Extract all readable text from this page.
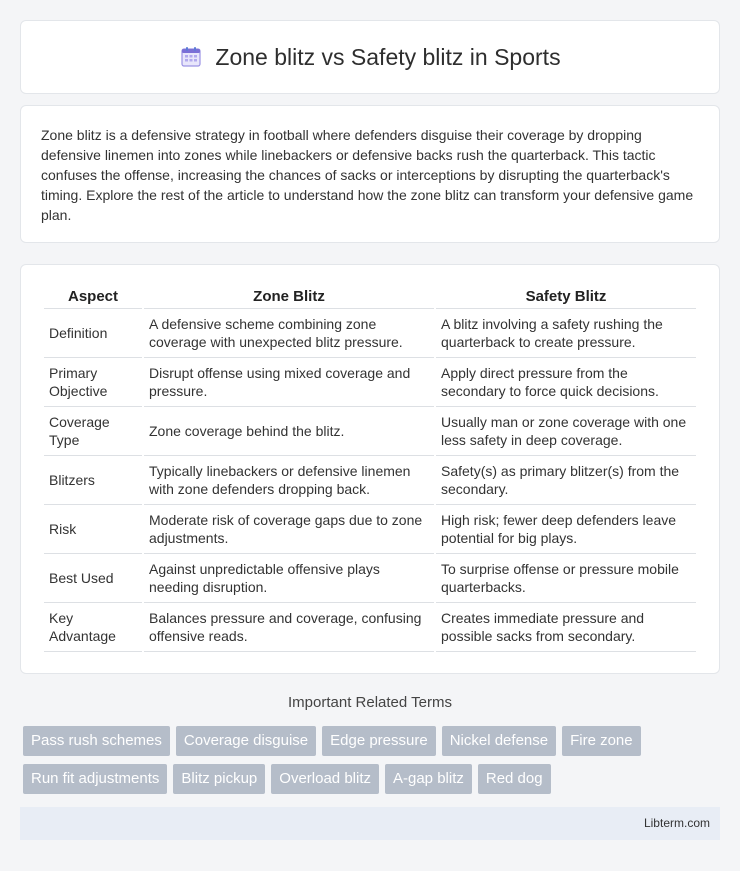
Zone blitz vs Safety blitz in Sports

Zone blitz is a defensive strategy in football where defenders disguise their coverage by dropping defensive linemen into zones while linebackers or defensive backs rush the quarterback. This tactic confuses the offense, increasing the chances of sacks or interceptions by disrupting the quarterback's timing. Explore the rest of the article to understand how the zone blitz can transform your defensive game plan.

Aspect	Zone Blitz	Safety Blitz
Definition	A defensive scheme combining zone coverage with unexpected blitz pressure.	A blitz involving a safety rushing the quarterback to create pressure.
Primary Objective	Disrupt offense using mixed coverage and pressure.	Apply direct pressure from the secondary to force quick decisions.
Coverage Type	Zone coverage behind the blitz.	Usually man or zone coverage with one less safety in deep coverage.
Blitzers	Typically linebackers or defensive linemen with zone defenders dropping back.	Safety(s) as primary blitzer(s) from the secondary.
Risk	Moderate risk of coverage gaps due to zone adjustments.	High risk; fewer deep defenders leave potential for big plays.
Best Used	Against unpredictable offensive plays needing disruption.	To surprise offense or pressure mobile quarterbacks.
Key Advantage	Balances pressure and coverage, confusing offensive reads.	Creates immediate pressure and possible sacks from secondary.
Important Related Terms
Pass rush schemes	Coverage disguise	Edge pressure	Nickel defense	Fire zone
Run fit adjustments	Blitz pickup	Overload blitz	A-gap blitz	Red dog
Libterm.com
